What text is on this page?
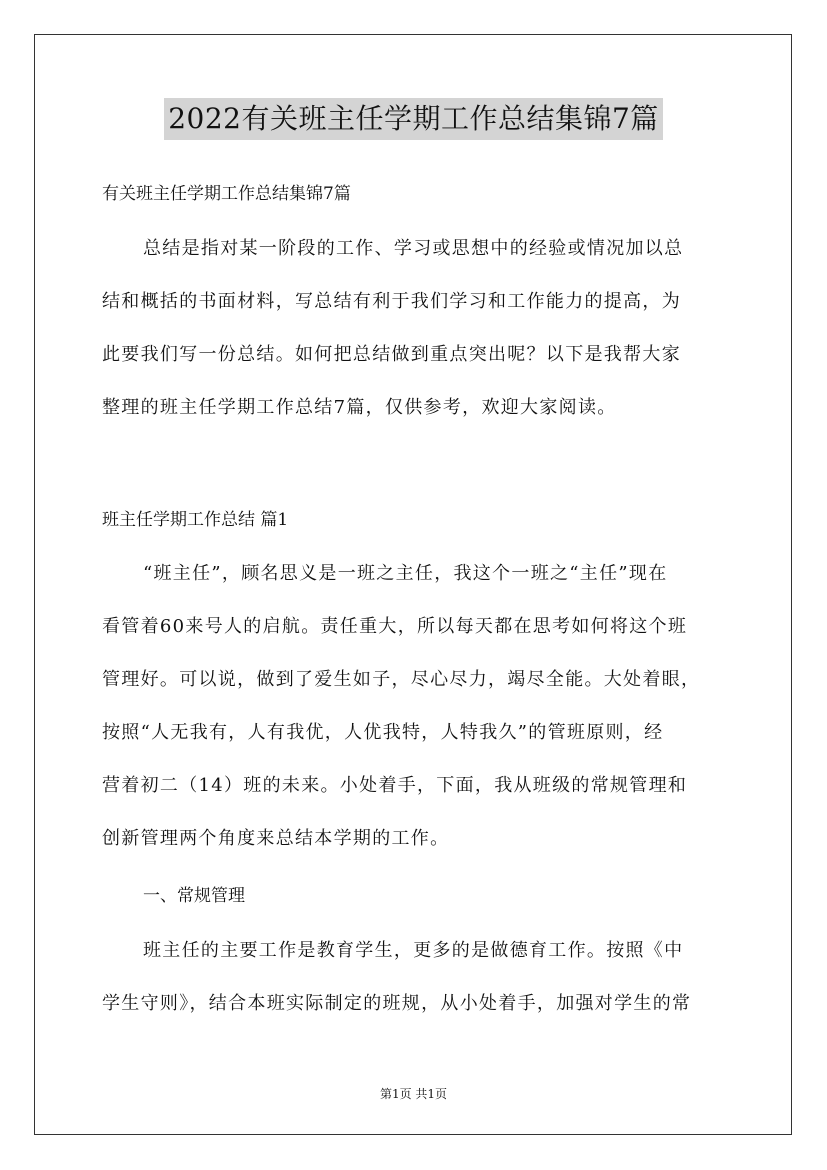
2022有关班主任学期工作总结集锦7篇
有关班主任学期工作总结集锦7篇
总结是指对某一阶段的工作、学习或思想中的经验或情况加以总
结和概括的书面材料，写总结有利于我们学习和工作能力的提高，为
此要我们写一份总结。如何把总结做到重点突出呢？以下是我帮大家
整理的班主任学期工作总结7篇，仅供参考，欢迎大家阅读。
班主任学期工作总结 篇1
“班主任”，顾名思义是一班之主任，我这个一班之“主任”现在
看管着60来号人的启航。责任重大，所以每天都在思考如何将这个班
管理好。可以说，做到了爱生如子，尽心尽力，竭尽全能。大处着眼，
按照“人无我有，人有我优，人优我特，人特我久”的管班原则，经
营着初二（14）班的未来。小处着手，下面，我从班级的常规管理和
创新管理两个角度来总结本学期的工作。
一、常规管理
班主任的主要工作是教育学生，更多的是做德育工作。按照《中
学生守则》，结合本班实际制定的班规，从小处着手，加强对学生的常
第1页 共1页
